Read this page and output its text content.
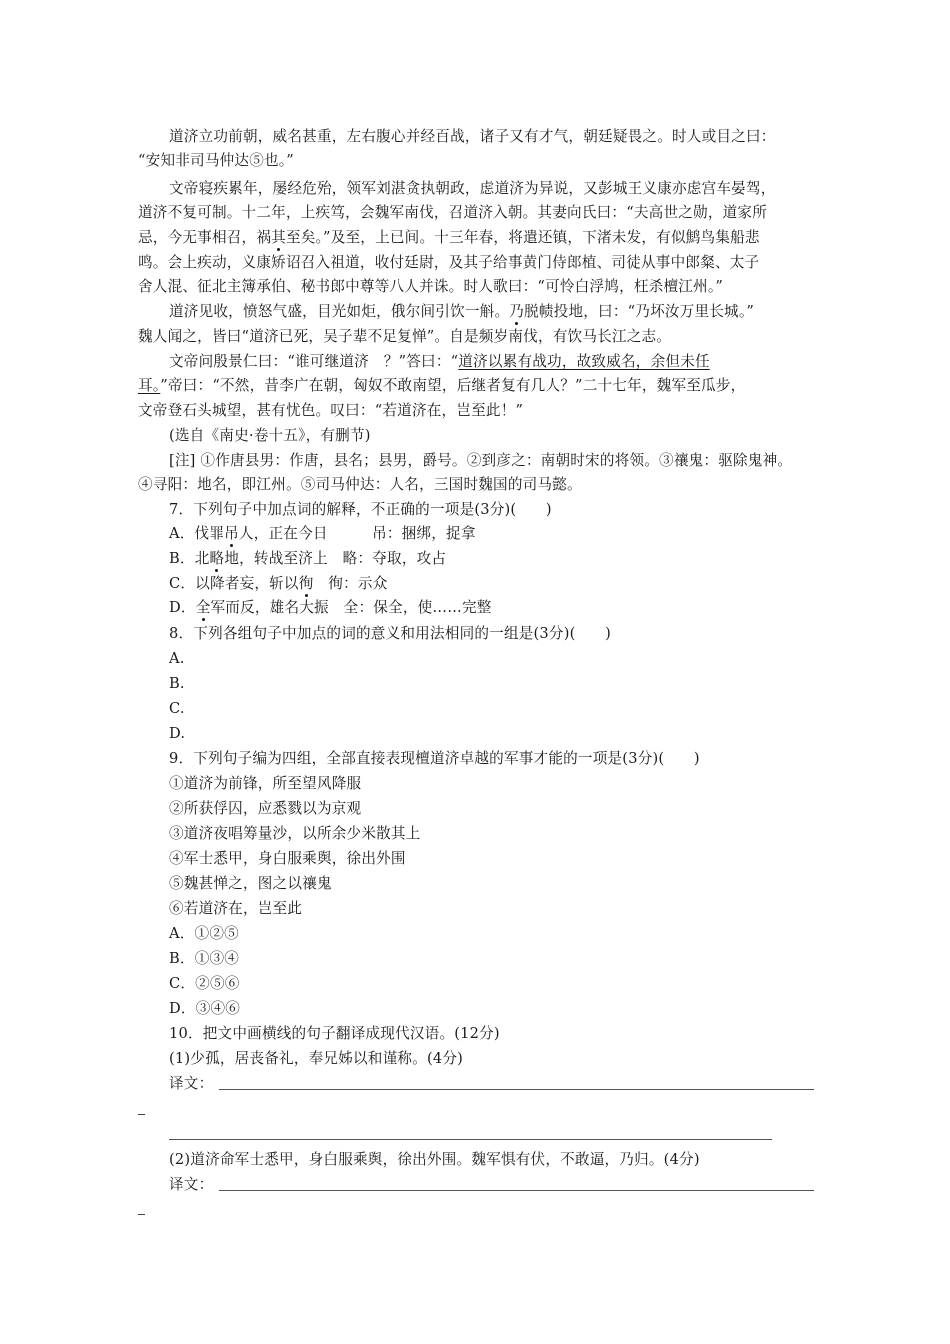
道济立功前朝，威名甚重，左右腹心并经百战，诸子又有才气，朝廷疑畏之。时人或目之曰：
“安知非司马仲达⑤也。”
文帝寝疾累年，屡经危殆，领军刘湛贪执朝政，虑道济为异说，又彭城王义康亦虑宫车晏驾，
道济不复可制。十二年，上疾笃，会魏军南伐，召道济入朝。其妻向氏曰：“夫高世之勋，道家所
忌，今无事相召，祸其至矣。”及至，上已间。十三年春，将遣还镇，下渚未发，有似鹪鸟集船悲
鸣。会上疾动，义康矫诏召入祖道，收付廷尉，及其子给事黄门侍郎植、司徒从事中郎粲、太子
舍人混、征北主簿承伯、秘书郎中尊等八人并诛。时人歌曰：“可怜白浮鸠，枉杀檀江州。”
道济见收，愤怒气盛，目光如炬，俄尔间引饮一斛。乃脱帻投地，曰：“乃坏汝万里长城。”
魏人闻之，皆曰“道济已死，吴子辈不足复惮”。自是频岁南伐，有饮马长江之志。
文帝问殷景仁曰：“谁可继道济　？”答曰：“道济以累有战功，故致威名，余但未任
耳。”帝曰：“不然，昔李广在朝，匈奴不敢南望，后继者复有几人？”二十七年，魏军至瓜步，
文帝登石头城望，甚有忧色。叹曰：“若道济在，岂至此！”
(选自《南史·卷十五》，有删节)
[注] ①作唐县男：作唐，县名；县男，爵号。②到彦之：南朝时宋的将领。③禳鬼：驱除鬼神。
④寻阳：地名，即江州。⑤司马仲达：人名，三国时魏国的司马懿。
7．下列句子中加点词的解释，不正确的一项是(3分)(　　)
A．伐罪吊人，正在今日　　　吊：捆绑，捉拿
B．北略地，转战至济上　略：夺取，攻占
C．以降者妄，斩以徇　徇：示众
D．全军而反，雄名大振　全：保全，使……完整
8．下列各组句子中加点的词的意义和用法相同的一组是(3分)(　　)
A.
B.
C.
D.
9．下列句子编为四组，全部直接表现檀道济卓越的军事才能的一项是(3分)(　　)
①道济为前锋，所至望风降服
②所获俘囚，应悉戮以为京观
③道济夜唱筹量沙，以所余少米散其上
④军士悉甲，身白服乘舆，徐出外围
⑤魏甚惮之，图之以禳鬼
⑥若道济在，岂至此
A．①②⑤
B．①③④
C．②⑤⑥
D．③④⑥
10．把文中画横线的句子翻译成现代汉语。(12分)
(1)少孤，居丧备礼，奉兄姊以和谨称。(4分)
译文：
(2)道济命军士悉甲，身白服乘舆，徐出外围。魏军惧有伏，不敢逼，乃归。(4分)
译文：
